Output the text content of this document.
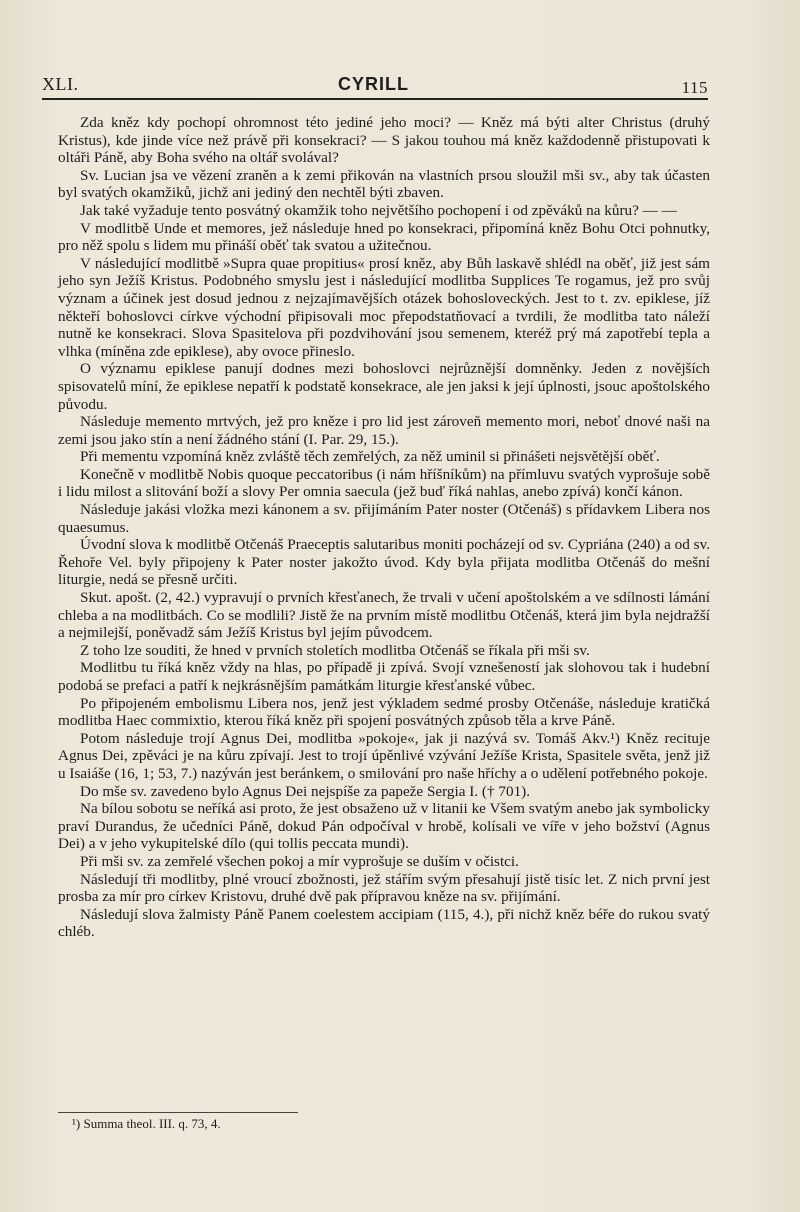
XLI.	CYRILL	115

Zda kněz kdy pochopí ohromnost této jediné jeho moci? — Kněz má býti alter Christus (druhý Kristus), kde jinde více než právě při konsekraci? — S jakou touhou má kněz každodenně přistupovati k oltáři Páně, aby Boha svého na oltář svolával?

Sv. Lucian jsa ve vězení zraněn a k zemi přikován na vlastních prsou sloužil mši sv., aby tak účasten byl svatých okamžiků, jichž ani jediný den nechtěl býti zbaven.

Jak také vyžaduje tento posvátný okamžik toho největšího pochopení i od zpěváků na kůru? — —

V modlitbě Unde et memores, jež následuje hned po konsekraci, připomíná kněz Bohu Otci pohnutky, pro něž spolu s lidem mu přináší oběť tak svatou a užitečnou.

V následující modlitbě »Supra quae propitius« prosí kněz, aby Bůh laskavě shlédl na oběť, již jest sám jeho syn Ježíš Kristus. Podobného smyslu jest i následující modlitba Supplices Te rogamus, jež pro svůj význam a účinek jest dosud jednou z nejzajímavějších otázek bohosloveckých. Jest to t. zv. epiklese, jíž někteří bohoslovci církve východní připisovali moc přepodstatňovací a tvrdili, že modlitba tato náleží nutně ke konsekraci. Slova Spasitelova při pozdvihování jsou semenem, kteréž prý má zapotřebí tepla a vlhka (míněna zde epiklese), aby ovoce přineslo.

O významu epiklese panují dodnes mezi bohoslovci nejrůznější domněnky. Jeden z novějších spisovatelů míní, že epiklese nepatří k podstatě konsekrace, ale jen jaksi k její úplnosti, jsouc apoštolského původu.

Následuje memento mrtvých, jež pro kněze i pro lid jest zároveň memento mori, neboť dnové naši na zemi jsou jako stín a není žádného stání (I. Par. 29, 15.).

Při mementu vzpomíná kněz zvláště těch zemřelých, za něž uminil si přinášeti nejsvětější oběť.

Konečně v modlitbě Nobis quoque peccatoribus (i nám hříšníkům) na přímluvu svatých vyprošuje sobě i lidu milost a slitování boží a slovy Per omnia saecula (jež buď říká nahlas, anebo zpívá) končí kánon.

Následuje jakási vložka mezi kánonem a sv. přijímáním Pater noster (Otčenáš) s přídavkem Libera nos quaesumus.

Úvodní slova k modlitbě Otčenáš Praeceptis salutaribus moniti pocházejí od sv. Cypriána (240) a od sv. Řehoře Vel. byly připojeny k Pater noster jakožto úvod. Kdy byla přijata modlitba Otčenáš do mešní liturgie, nedá se přesně určiti.

Skut. apošt. (2, 42.) vypravují o prvních křesťanech, že trvali v učení apoštolském a ve sdílnosti lámání chleba a na modlitbách. Co se modlili? Jistě že na prvním místě modlitbu Otčenáš, která jim byla nejdražší a nejmilejší, poněvadž sám Ježíš Kristus byl jejím původcem.

Z toho lze souditi, že hned v prvních stoletích modlitba Otčenáš se říkala při mši sv.

Modlitbu tu říká kněz vždy na hlas, po případě ji zpívá. Svojí vznešeností jak slohovou tak i hudební podobá se prefaci a patří k nejkrásnějším památkám liturgie křesťanské vůbec.

Po připojeném embolismu Libera nos, jenž jest výkladem sedmé prosby Otčenáše, následuje kratičká modlitba Haec commixtio, kterou říká kněz při spojení posvátných způsob těla a krve Páně.

Potom následuje trojí Agnus Dei, modlitba »pokoje«, jak ji nazývá sv. Tomáš Akv.¹) Kněz recituje Agnus Dei, zpěváci je na kůru zpívají. Jest to trojí úpěnlivé vzývání Ježíše Krista, Spasitele světa, jenž již u Isaiáše (16, 1; 53, 7.) nazýván jest beránkem, o smilování pro naše hříchy a o udělení potřebného pokoje.

Do mše sv. zavedeno bylo Agnus Dei nejspíše za papeže Sergia I. († 701).

Na bílou sobotu se neříká asi proto, že jest obsaženo už v litanii ke Všem svatým anebo jak symbolicky praví Durandus, že učedníci Páně, dokud Pán odpočíval v hrobě, kolísali ve víře v jeho božství (Agnus Dei) a v jeho vykupitelské dílo (qui tollis peccata mundi).

Při mši sv. za zemřelé všechen pokoj a mír vyprošuje se duším v očistci.

Následují tři modlitby, plné vroucí zbožnosti, jež stářím svým přesahují jistě tisíc let. Z nich první jest prosba za mír pro církev Kristovu, druhé dvě pak přípravou kněze na sv. přijímání.

Následují slova žalmisty Páně Panem coelestem accipiam (115, 4.), při nichž kněz béře do rukou svatý chléb.

¹) Summa theol. III. q. 73, 4.
